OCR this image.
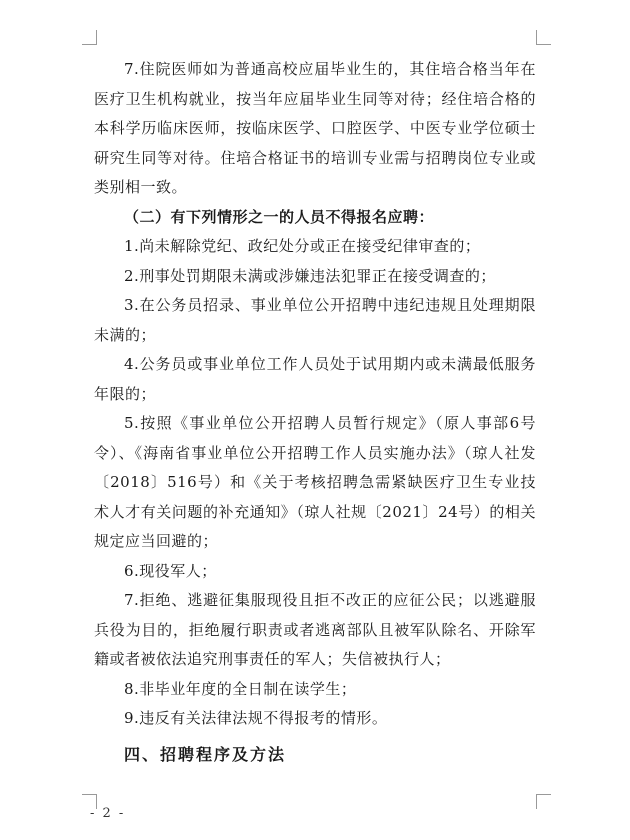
7.住院医师如为普通高校应届毕业生的，其住培合格当年在医疗卫生机构就业，按当年应届毕业生同等对待；经住培合格的本科学历临床医师，按临床医学、口腔医学、中医专业学位硕士研究生同等对待。住培合格证书的培训专业需与招聘岗位专业或类别相一致。

（二）有下列情形之一的人员不得报名应聘：

1.尚未解除党纪、政纪处分或正在接受纪律审查的；

2.刑事处罚期限未满或涉嫌违法犯罪正在接受调查的；

3.在公务员招录、事业单位公开招聘中违纪违规且处理期限未满的；

4.公务员或事业单位工作人员处于试用期内或未满最低服务年限的；

5.按照《事业单位公开招聘人员暂行规定》（原人事部6号令）、《海南省事业单位公开招聘工作人员实施办法》（琼人社发〔2018〕516号）和《关于考核招聘急需紧缺医疗卫生专业技术人才有关问题的补充通知》（琼人社规〔2021〕24号）的相关规定应当回避的；

6.现役军人；

7.拒绝、逃避征集服现役且拒不改正的应征公民；以逃避服兵役为目的，拒绝履行职责或者逃离部队且被军队除名、开除军籍或者被依法追究刑事责任的军人；失信被执行人；

8.非毕业年度的全日制在读学生；

9.违反有关法律法规不得报考的情形。

四、招聘程序及方法

- 2 -
